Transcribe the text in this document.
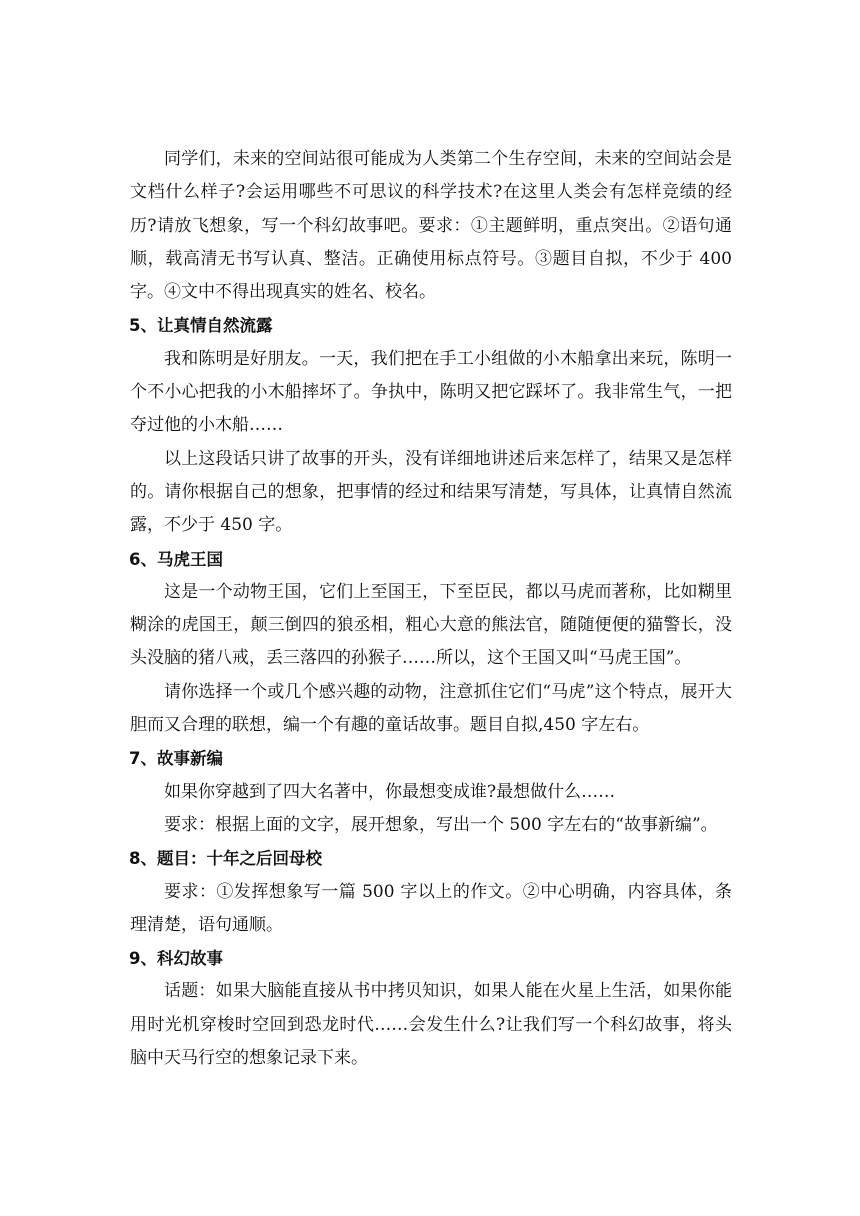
同学们，未来的空间站很可能成为人类第二个生存空间，未来的空间站会是文档什么样子?会运用哪些不可思议的科学技术?在这里人类会有怎样竞绩的经历?请放飞想象，写一个科幻故事吧。要求：①主题鲜明，重点突出。②语句通顺，载高清无书写认真、整洁。正确使用标点符号。③题目自拟，不少于 400 字。④文中不得出现真实的姓名、校名。

5、让真情自然流露

我和陈明是好朋友。一天，我们把在手工小组做的小木船拿出来玩，陈明一个不小心把我的小木船摔坏了。争执中，陈明又把它踩坏了。我非常生气，一把夺过他的小木船……

以上这段话只讲了故事的开头，没有详细地讲述后来怎样了，结果又是怎样的。请你根据自己的想象，把事情的经过和结果写清楚，写具体，让真情自然流露，不少于 450 字。

6、马虎王国

这是一个动物王国，它们上至国王，下至臣民，都以马虎而著称，比如糊里糊涂的虎国王，颠三倒四的狼丞相，粗心大意的熊法官，随随便便的猫警长，没头没脑的猪八戒，丢三落四的孙猴子……所以，这个王国又叫“马虎王国”。

请你选择一个或几个感兴趣的动物，注意抓住它们“马虎”这个特点，展开大胆而又合理的联想，编一个有趣的童话故事。题目自拟,450 字左右。

7、故事新编

如果你穿越到了四大名著中，你最想变成谁?最想做什么……

要求：根据上面的文字，展开想象，写出一个 500 字左右的“故事新编”。

8、题目：十年之后回母校

要求：①发挥想象写一篇 500 字以上的作文。②中心明确，内容具体，条理清楚，语句通顺。

9、科幻故事

话题：如果大脑能直接从书中拷贝知识，如果人能在火星上生活，如果你能用时光机穿梭时空回到恐龙时代……会发生什么?让我们写一个科幻故事，将头脑中天马行空的想象记录下来。
